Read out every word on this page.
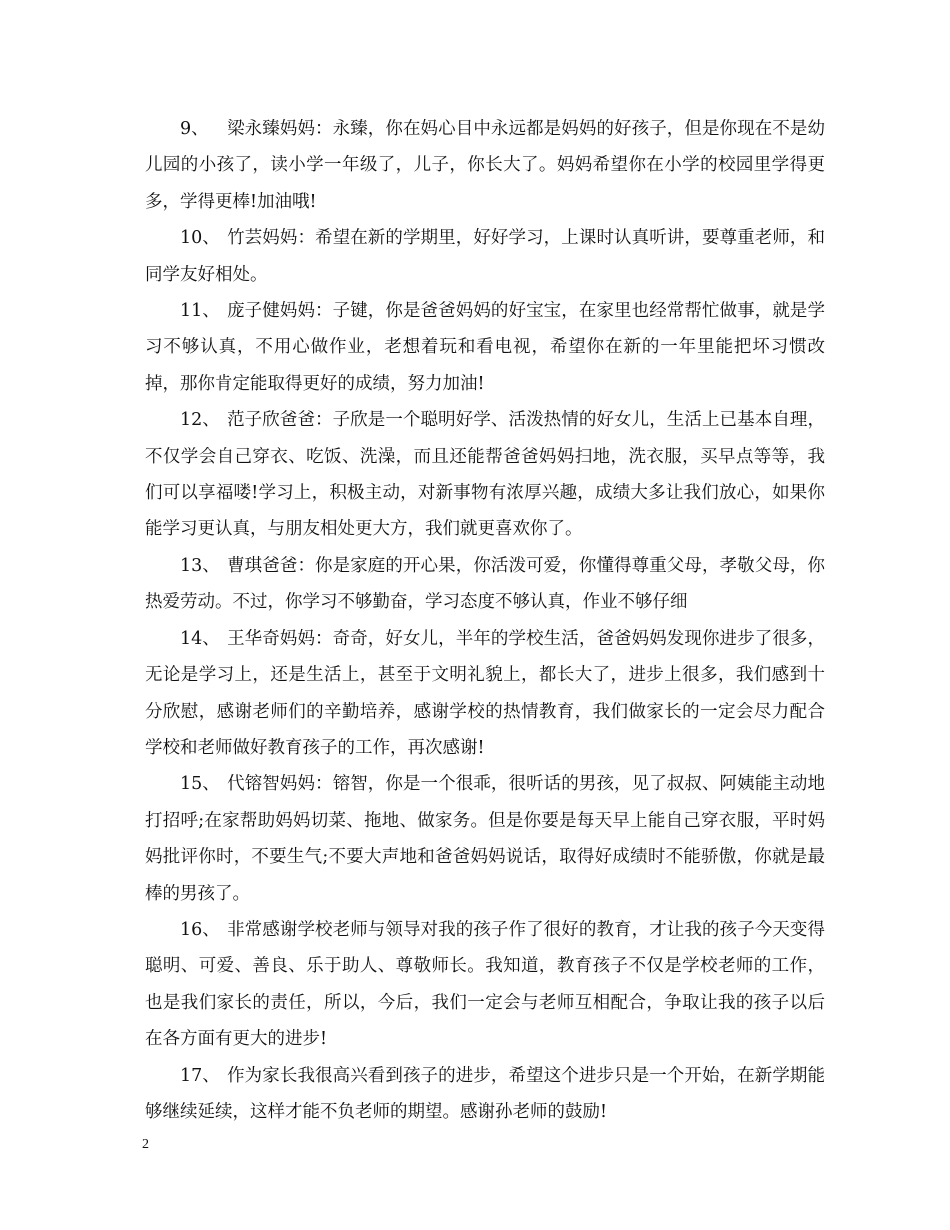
9、 梁永臻妈妈：永臻，你在妈心目中永远都是妈妈的好孩子，但是你现在不是幼儿园的小孩了，读小学一年级了，儿子，你长大了。妈妈希望你在小学的校园里学得更多，学得更棒!加油哦!

10、 竹芸妈妈：希望在新的学期里，好好学习，上课时认真听讲，要尊重老师，和同学友好相处。

11、 庞子健妈妈：子键，你是爸爸妈妈的好宝宝，在家里也经常帮忙做事，就是学习不够认真，不用心做作业，老想着玩和看电视，希望你在新的一年里能把坏习惯改掉，那你肯定能取得更好的成绩，努力加油!

12、 范子欣爸爸：子欣是一个聪明好学、活泼热情的好女儿，生活上已基本自理，不仅学会自己穿衣、吃饭、洗澡，而且还能帮爸爸妈妈扫地，洗衣服，买早点等等，我们可以享福喽!学习上，积极主动，对新事物有浓厚兴趣，成绩大多让我们放心，如果你能学习更认真，与朋友相处更大方，我们就更喜欢你了。

13、 曹琪爸爸：你是家庭的开心果，你活泼可爱，你懂得尊重父母，孝敬父母，你热爱劳动。不过，你学习不够勤奋，学习态度不够认真，作业不够仔细

14、 王华奇妈妈：奇奇，好女儿，半年的学校生活，爸爸妈妈发现你进步了很多，无论是学习上，还是生活上，甚至于文明礼貌上，都长大了，进步上很多，我们感到十分欣慰，感谢老师们的辛勤培养，感谢学校的热情教育，我们做家长的一定会尽力配合学校和老师做好教育孩子的工作，再次感谢!

15、 代镕智妈妈：镕智，你是一个很乖，很听话的男孩，见了叔叔、阿姨能主动地打招呼;在家帮助妈妈切菜、拖地、做家务。但是你要是每天早上能自己穿衣服，平时妈妈批评你时，不要生气;不要大声地和爸爸妈妈说话，取得好成绩时不能骄傲，你就是最棒的男孩了。

16、 非常感谢学校老师与领导对我的孩子作了很好的教育，才让我的孩子今天变得聪明、可爱、善良、乐于助人、尊敬师长。我知道，教育孩子不仅是学校老师的工作，也是我们家长的责任，所以，今后，我们一定会与老师互相配合，争取让我的孩子以后在各方面有更大的进步!

17、 作为家长我很高兴看到孩子的进步，希望这个进步只是一个开始，在新学期能够继续延续，这样才能不负老师的期望。感谢孙老师的鼓励!

2
